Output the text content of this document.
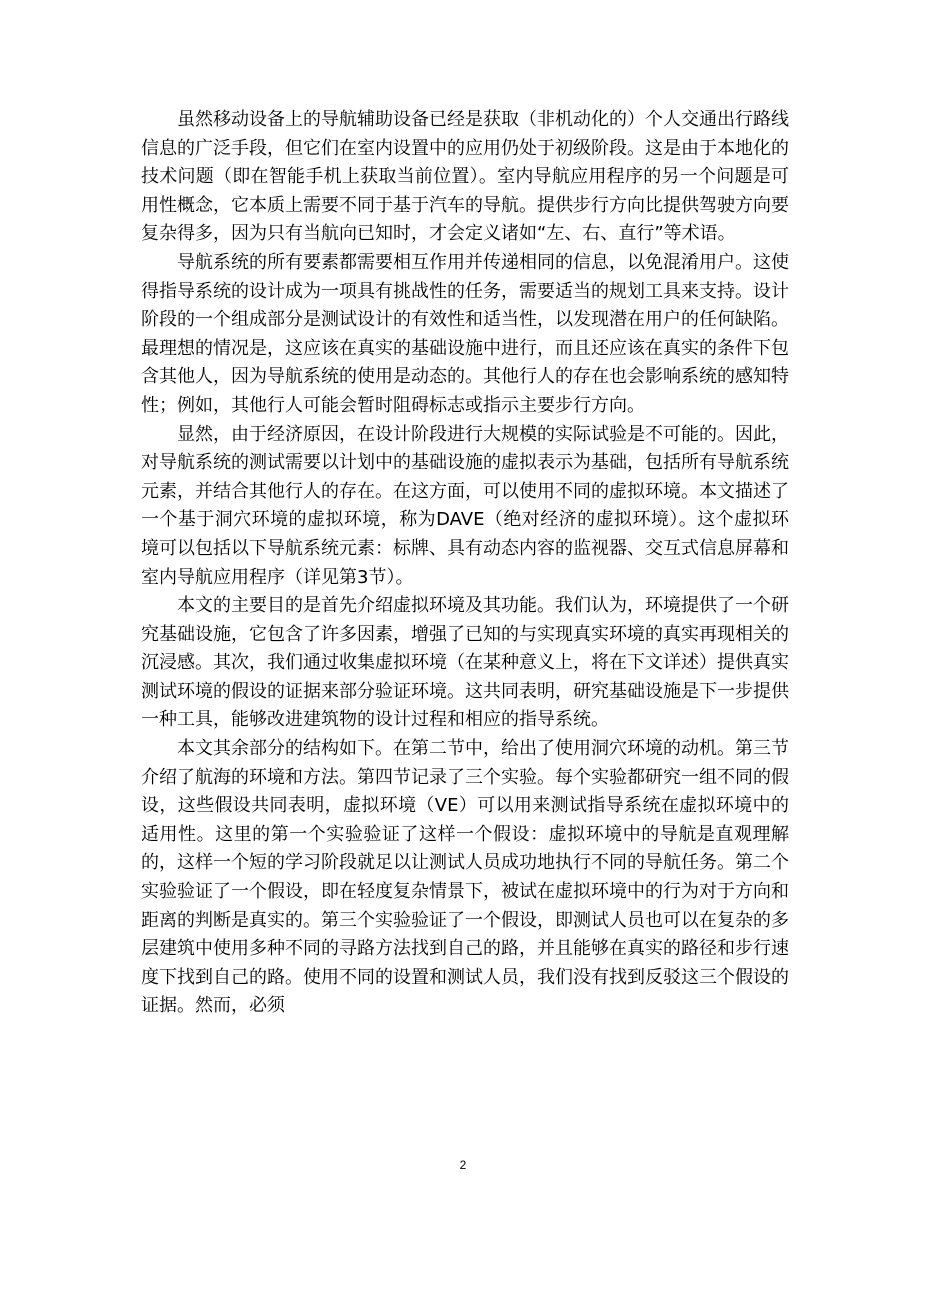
虽然移动设备上的导航辅助设备已经是获取（非机动化的）个人交通出行路线信息的广泛手段，但它们在室内设置中的应用仍处于初级阶段。这是由于本地化的技术问题（即在智能手机上获取当前位置）。室内导航应用程序的另一个问题是可用性概念，它本质上需要不同于基于汽车的导航。提供步行方向比提供驾驶方向要复杂得多，因为只有当航向已知时，才会定义诸如“左、右、直行”等术语。

导航系统的所有要素都需要相互作用并传递相同的信息，以免混淆用户。这使得指导系统的设计成为一项具有挑战性的任务，需要适当的规划工具来支持。设计阶段的一个组成部分是测试设计的有效性和适当性，以发现潜在用户的任何缺陷。最理想的情况是，这应该在真实的基础设施中进行，而且还应该在真实的条件下包含其他人，因为导航系统的使用是动态的。其他行人的存在也会影响系统的感知特性；例如，其他行人可能会暂时阻碍标志或指示主要步行方向。

显然，由于经济原因，在设计阶段进行大规模的实际试验是不可能的。因此，对导航系统的测试需要以计划中的基础设施的虚拟表示为基础，包括所有导航系统元素，并结合其他行人的存在。在这方面，可以使用不同的虚拟环境。本文描述了一个基于洞穴环境的虚拟环境，称为DAVE（绝对经济的虚拟环境）。这个虚拟环境可以包括以下导航系统元素：标牌、具有动态内容的监视器、交互式信息屏幕和室内导航应用程序（详见第3节）。

本文的主要目的是首先介绍虚拟环境及其功能。我们认为，环境提供了一个研究基础设施，它包含了许多因素，增强了已知的与实现真实环境的真实再现相关的沉浸感。其次，我们通过收集虚拟环境（在某种意义上，将在下文详述）提供真实测试环境的假设的证据来部分验证环境。这共同表明，研究基础设施是下一步提供一种工具，能够改进建筑物的设计过程和相应的指导系统。

本文其余部分的结构如下。在第二节中，给出了使用洞穴环境的动机。第三节介绍了航海的环境和方法。第四节记录了三个实验。每个实验都研究一组不同的假设，这些假设共同表明，虚拟环境（VE）可以用来测试指导系统在虚拟环境中的适用性。这里的第一个实验验证了这样一个假设：虚拟环境中的导航是直观理解的，这样一个短的学习阶段就足以让测试人员成功地执行不同的导航任务。第二个实验验证了一个假设，即在轻度复杂情景下，被试在虚拟环境中的行为对于方向和距离的判断是真实的。第三个实验验证了一个假设，即测试人员也可以在复杂的多层建筑中使用多种不同的寻路方法找到自己的路，并且能够在真实的路径和步行速度下找到自己的路。使用不同的设置和测试人员，我们没有找到反驳这三个假设的证据。然而，必须

2
